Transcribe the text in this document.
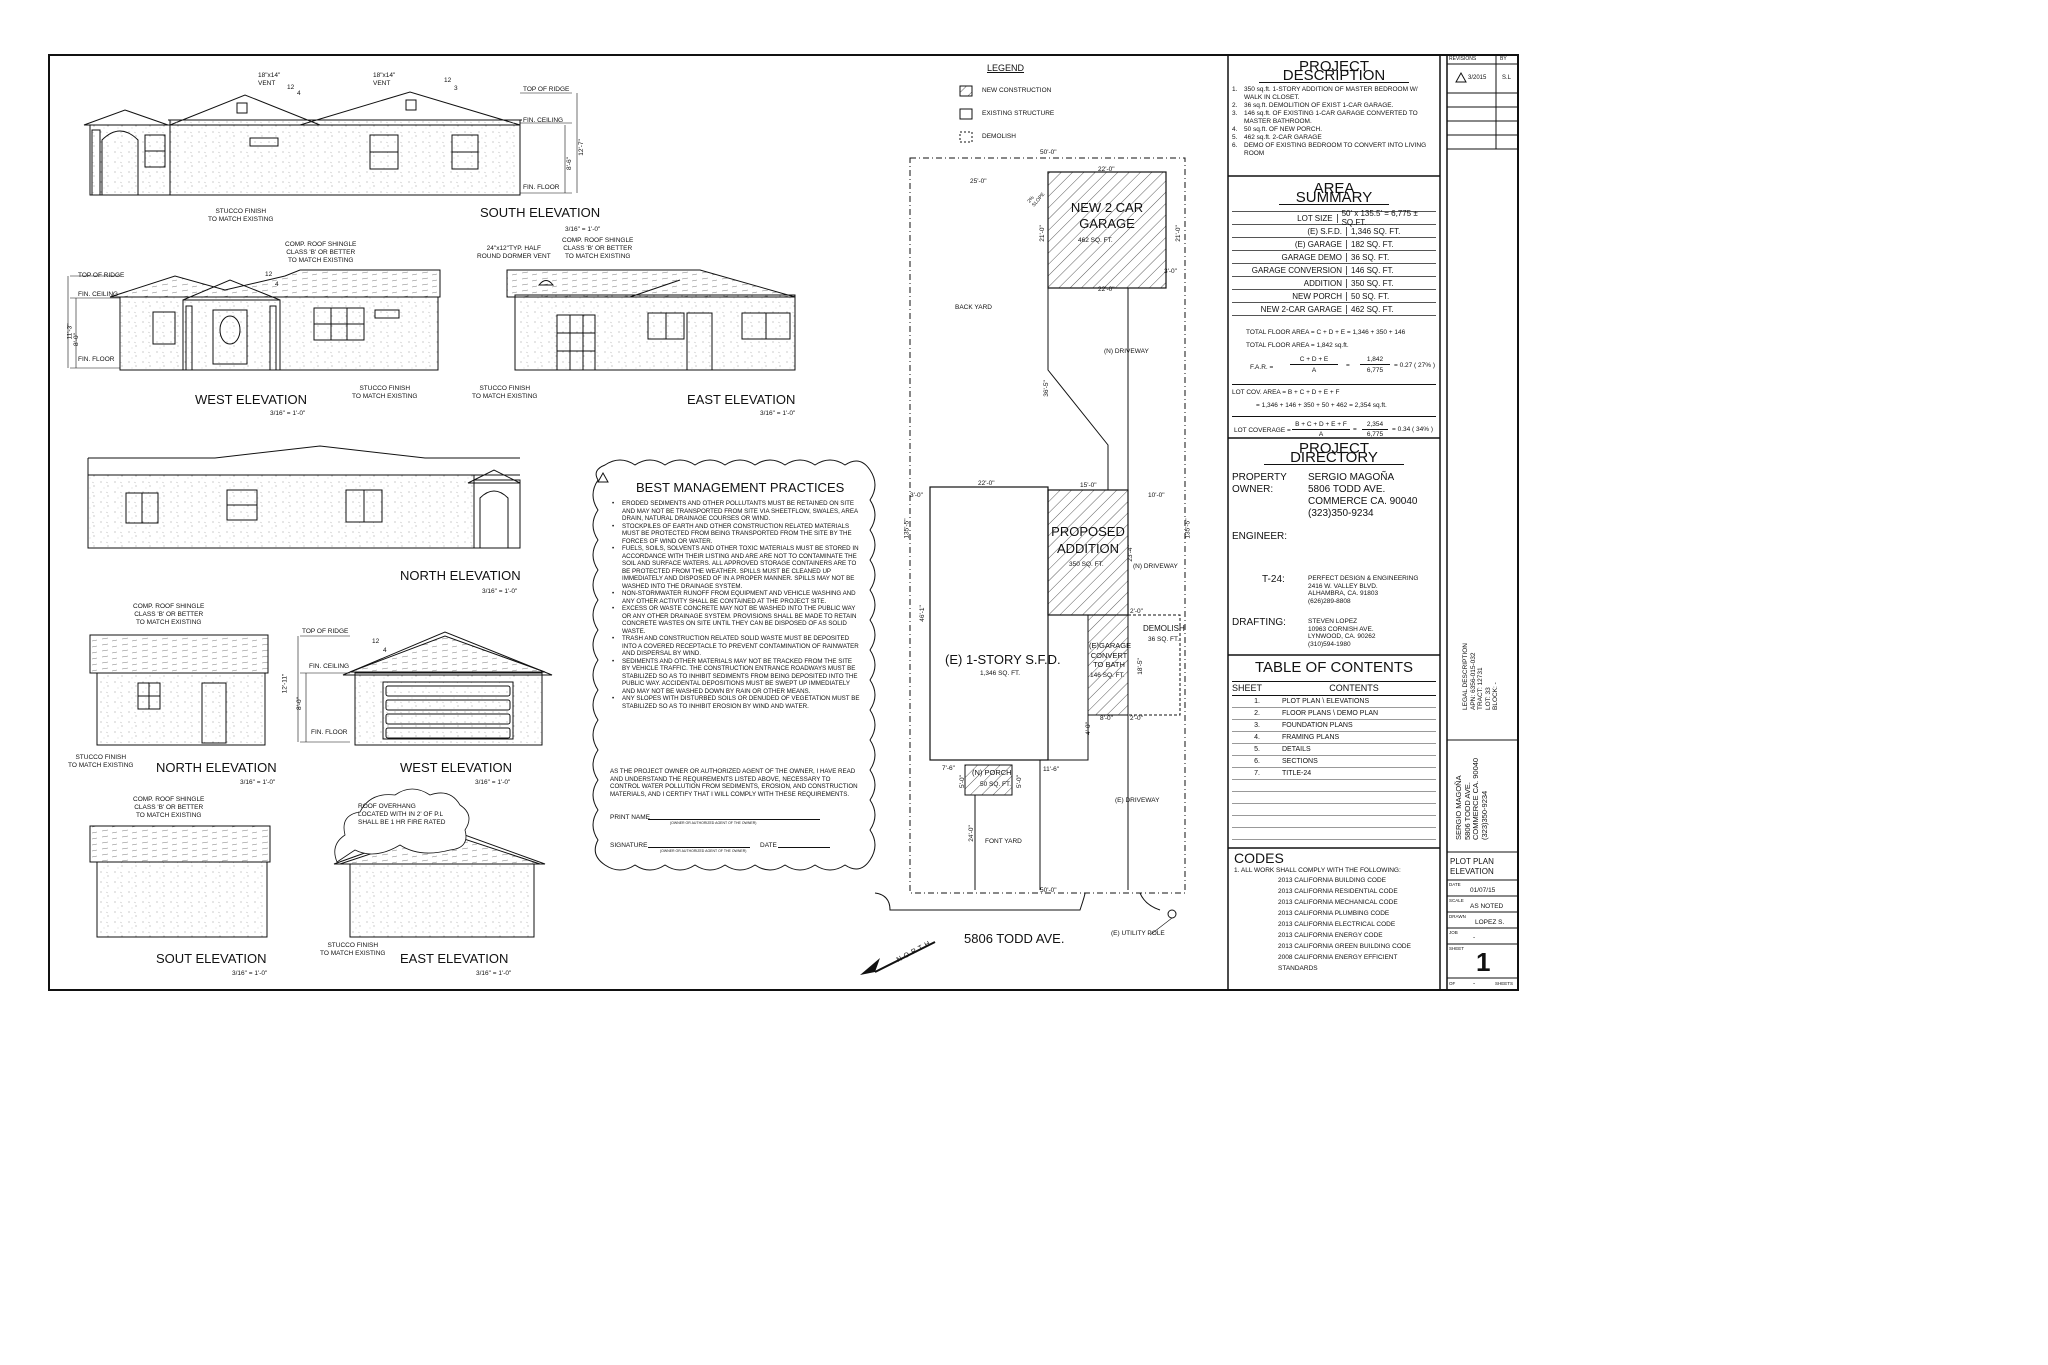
18"x14"
VENT
18"x14"
VENT
12
4
12
3	TOP OF RIDGE
FIN. CEILING
FIN. FLOOR
8'-6"
12'-7"
STUCCO FINISH
TO MATCH EXISTING	SOUTH ELEVATION
3/16" = 1'-0"
COMP. ROOF SHINGLE
CLASS 'B' OR BETTER
TO MATCH EXISTING
TOP OF RIDGE
FIN. CEILING
FIN. FLOOR
12
4
11'-3" 8'-0"
STUCCO FINISH
TO MATCH EXISTING
WEST ELEVATION
3/16" = 1'-0"
24"x12"TYP. HALF
ROUND DORMER VENT
COMP. ROOF SHINGLE
CLASS 'B' OR BETTER
TO MATCH EXISTING
STUCCO FINISH
TO MATCH EXISTING	EAST ELEVATION
3/16" = 1'-0"
NORTH ELEVATION
3/16" = 1'-0"
COMP. ROOF SHINGLE
CLASS 'B' OR BETTER
TO MATCH EXISTING
STUCCO FINISH
TO MATCH EXISTING NORTH ELEVATION
3/16" = 1'-0"
TOP OF RIDGE
FIN. CEILING
FIN. FLOOR
12
4
12'-11"
8'-0"
WEST ELEVATION
3/16" = 1'-0"
COMP. ROOF SHINGLE
CLASS 'B' OR BETTER
TO MATCH EXISTING
SOUT ELEVATION
3/16" = 1'-0"
ROOF OVERHANG
LOCATED WITH IN 2' OF P.L
SHALL BE 1 HR FIRE RATED
STUCCO FINISH
TO MATCH EXISTING EAST ELEVATION
3/16" = 1'-0"
BEST MANAGEMENT PRACTICES
•	ERODED SEDIMENTS AND OTHER POLLUTANTS MUST BE RETAINED ON SITE AND MAY NOT BE TRANSPORTED FROM SITE VIA SHEETFLOW, SWALES, AREA DRAIN, NATURAL DRAINAGE COURSES OR WIND.
•	STOCKPILES OF EARTH AND OTHER CONSTRUCTION RELATED MATERIALS MUST BE PROTECTED FROM BEING TRANSPORTED FROM THE SITE BY THE FORCES OF WIND OR WATER.
•	FUELS, SOILS, SOLVENTS AND OTHER TOXIC MATERIALS MUST BE STORED IN ACCORDANCE WITH THEIR LISTING AND ARE ARE NOT TO CONTAMINATE THE SOIL AND SURFACE WATERS. ALL APPROVED STORAGE CONTAINERS ARE TO BE PROTECTED FROM THE WEATHER. SPILLS MUST BE CLEANED UP IMMEDIATELY AND DISPOSED OF IN A PROPER MANNER. SPILLS MAY NOT BE WASHED INTO THE DRAINAGE SYSTEM.
•	NON-STORMWATER RUNOFF FROM EQUIPMENT AND VEHICLE WASHING AND ANY OTHER ACTIVITY SHALL BE CONTAINED AT THE PROJECT SITE.
•	EXCESS OR WASTE CONCRETE MAY NOT BE WASHED INTO THE PUBLIC WAY OR ANY OTHER DRAINAGE SYSTEM. PROVISIONS SHALL BE MADE TO RETAIN CONCRETE WASTES ON SITE UNTIL THEY CAN BE DISPOSED OF AS SOLID WASTE.
•	TRASH AND CONSTRUCTION RELATED SOLID WASTE MUST BE DEPOSITED INTO A COVERED RECEPTACLE TO PREVENT CONTAMINATION OF RAINWATER AND DISPERSAL BY WIND.
•	SEDIMENTS AND OTHER MATERIALS MAY NOT BE TRACKED FROM THE SITE BY VEHICLE TRAFFIC. THE CONSTRUCTION ENTRANCE ROADWAYS MUST BE STABILIZED SO AS TO INHIBIT SEDIMENTS FROM BEING DEPOSITED INTO THE PUBLIC WAY. ACCIDENTAL DEPOSITIONS MUST BE SWEPT UP IMMEDIATELY AND MAY NOT BE WASHED DOWN BY RAIN OR OTHER MEANS.
•	ANY SLOPES WITH DISTURBED SOILS OR DENUDED OF VEGETATION MUST BE STABILIZED SO AS TO INHIBIT EROSION BY WIND AND WATER.
AS THE PROJECT OWNER OR AUTHORIZED AGENT OF THE OWNER, I HAVE READ AND UNDERSTAND THE REQUIREMENTS LISTED ABOVE, NECESSARY TO CONTROL WATER POLLUTION FROM SEDIMENTS, EROSION, AND CONSTRUCTION MATERIALS, AND I CERTIFY THAT I WILL COMPLY WITH THESE REQUIREMENTS.
PRINT NAME
(OWNER OR AUTHORIZED AGENT OF THE OWNER)
SIGNATURE
(OWNER OR AUTHORIZED AGENT OF THE OWNER)
DATE
LEGEND
NEW CONSTRUCTION
EXISTING STRUCTURE
DEMOLISH
NEW 2 CAR
GARAGE
462 SQ. FT.
PROPOSED
ADDITION
350 SQ. FT.
(E) 1-STORY S.F.D.
1,346 SQ. FT.
(E)GARAGE
CONVERT
TO BATH
146 SQ. FT.
DEMOLISH
36 SQ. FT.
(N) PORCH
50 SQ. FT.
BACK YARD
FONT YARD
(N) DRIVEWAY
(N) DRIVEWAY
(E) DRIVEWAY
5806 TODD AVE.	(E) UTILITY POLE
NORTH
50'-0"
50'-0"
25'-0"
22'-0"
22'-0"
22'-0"
21'-0"	21'-0"
3'-0"
3'-0"
36'-5"
15'-0"
10'-0"
135'-5"	135'-5"
46'-1"
23'-4"
2'-0"
2'-0"
18'-5"
8'-0"
4'-0"
7'-6"	11'-6"
5'-0"	5'-0"
24'-0"
2%
SLOPE
PROJECT DESCRIPTION
1.	350 sq.ft. 1-STORY ADDITION OF MASTER BEDROOM W/ WALK IN CLOSET.
2.	36 sq.ft. DEMOLITION OF EXIST 1-CAR GARAGE.
3.	146 sq.ft. OF EXISTING 1-CAR GARAGE CONVERTED TO MASTER BATHROOM.
4.	50 sq.ft. OF NEW PORCH.
5.	462 sq.ft. 2-CAR GARAGE
6.	DEMO OF EXISTING BEDROOM TO CONVERT INTO LIVING ROOM
AREA SUMMARY
LOT SIZE	50' x 135.5' = 6,775 ± SQ.FT.
(E) S.F.D.	1,346 SQ. FT.
(E) GARAGE	182 SQ. FT.
GARAGE DEMO	36 SQ. FT.
GARAGE CONVERSION	146 SQ. FT.
ADDITION	350 SQ. FT.
NEW PORCH	50 SQ. FT.
NEW 2-CAR GARAGE	462 SQ. FT.
TOTAL FLOOR AREA = C + D + E = 1,346 + 350 + 146
TOTAL FLOOR AREA = 1,842 sq.ft.
F.A.R. =
C + D + E
A
=
1,842
6,775
= 0.27 ( 27% )
LOT COV. AREA = B + C + D + E + F
= 1,346 + 146 + 350 + 50 + 462 = 2,354 sq.ft.
LOT COVERAGE =
B + C + D + E + F
A
=
2,354
6,775
= 0.34 ( 34% )
PROJECT DIRECTORY
PROPERTY
OWNER:
SERGIO MAGOÑA
5806 TODD AVE.
COMMERCE CA. 90040
(323)350-9234
ENGINEER:
T-24:	PERFECT DESIGN & ENGINEERING
2416 W. VALLEY BLVD.
ALHAMBRA, CA. 91803
(626)289-8808
DRAFTING:	STEVEN LOPEZ
10963 CORNISH AVE.
LYNWOOD, CA. 90262
(310)594-1980
TABLE OF CONTENTS
SHEET	CONTENTS
1.	PLOT PLAN \ ELEVATIONS
2.	FLOOR PLANS \ DEMO PLAN
3.	FOUNDATION PLANS
4.	FRAMING PLANS
5.	DETAILS
6.	SECTIONS
7.	TITLE-24
CODES
1. ALL WORK SHALL COMPLY WITH THE FOLLOWING:
2013 CALIFORNIA BUILDING CODE
2013 CALIFORNIA RESIDENTIAL CODE
2013 CALIFORNIA MECHANICAL CODE
2013 CALIFORNIA PLUMBING CODE
2013 CALIFORNIA ELECTRICAL CODE
2013 CALIFORNIA ENERGY CODE
2013 CALIFORNIA GREEN BUILDING CODE
2008 CALIFORNIA ENERGY EFFICIENT STANDARDS
REVISIONS	BY
3/2015	S.L
LEGAL DESCRIPTION
APN: 6356-015-032
TRACT: 12731
LOT: 33
BLOCK: -
SERGIO MAGOÑA
5806 TODD AVE.
COMMERCE CA. 90040
(323)350-9234
PLOT PLAN
ELEVATION
DATE
01/07/15
SCALE
AS NOTED
DRAWN
LOPEZ S.
JOB
-
SHEET 1
OF	-	SHEETS
